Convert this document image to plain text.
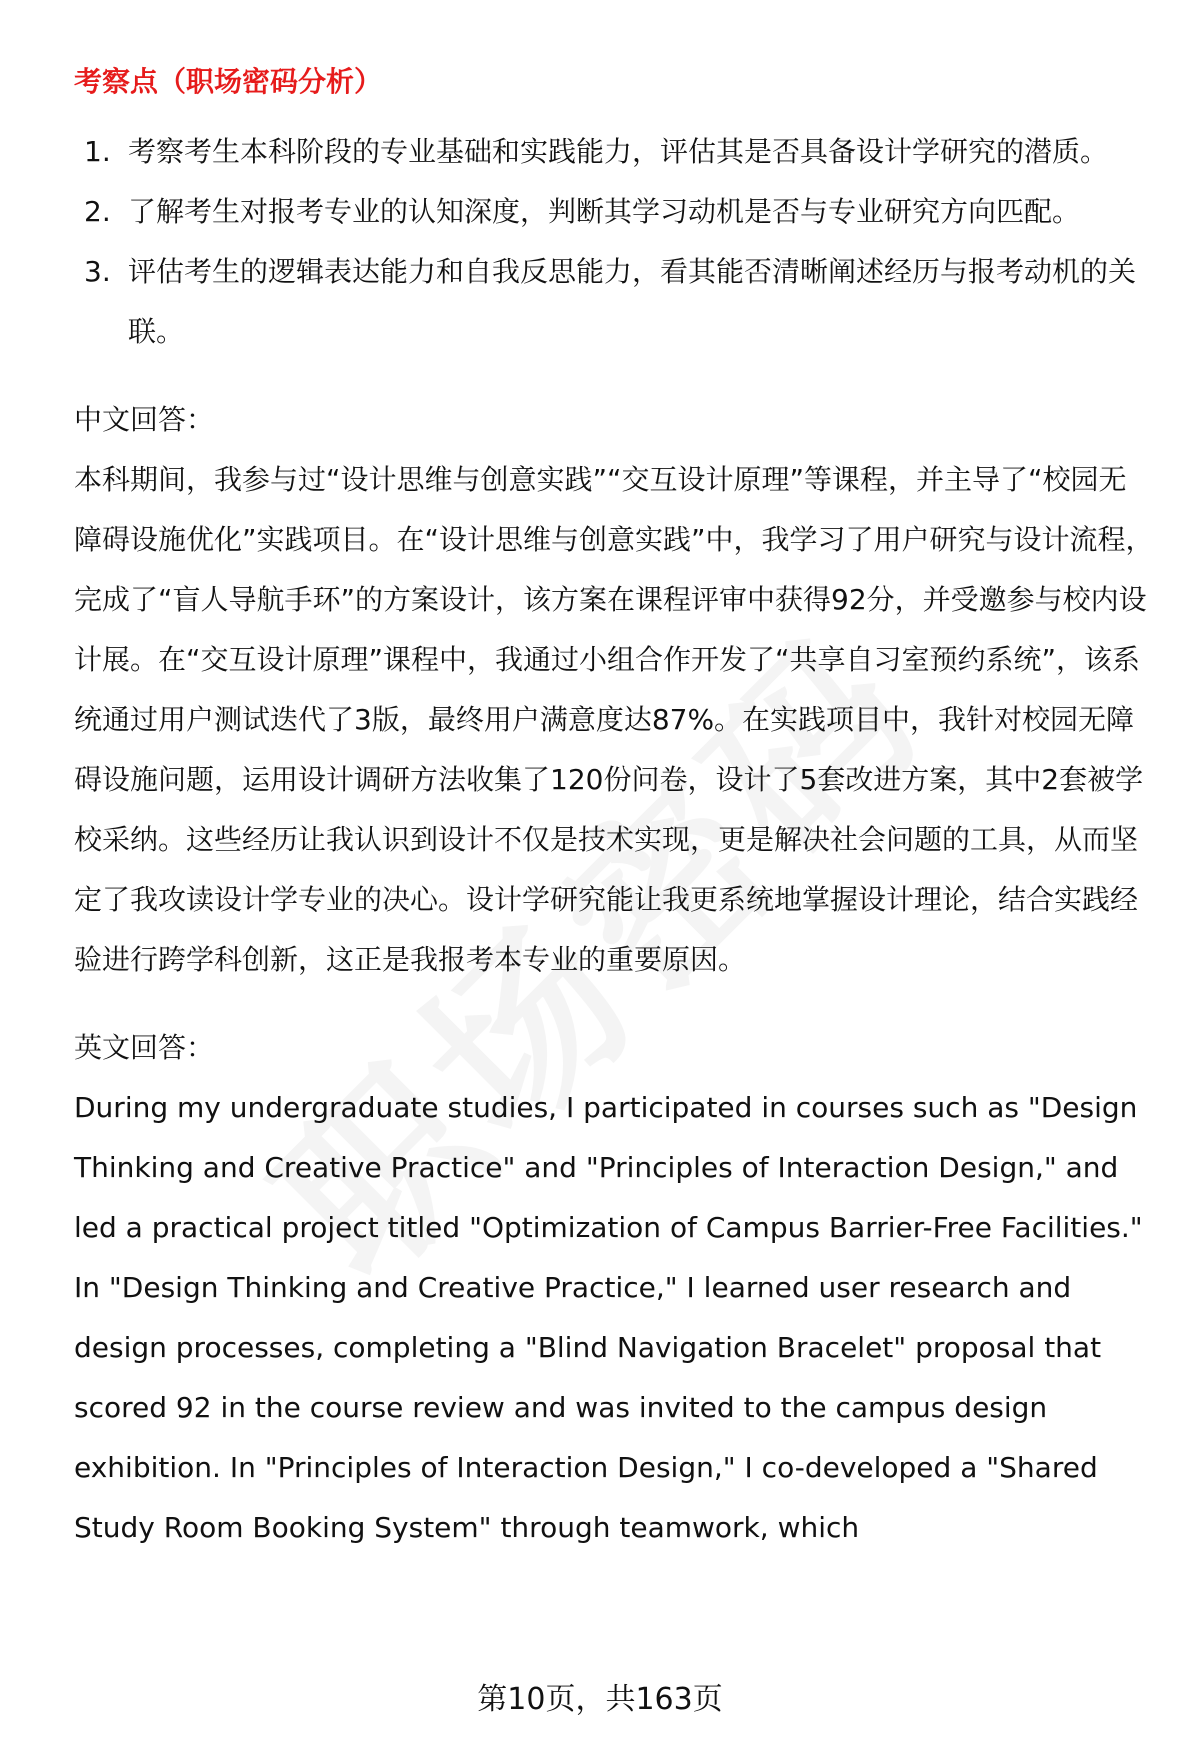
考察点（职场密码分析）
1. 考察考生本科阶段的专业基础和实践能力，评估其是否具备设计学研究的潜质。
2. 了解考生对报考专业的认知深度，判断其学习动机是否与专业研究方向匹配。
3. 评估考生的逻辑表达能力和自我反思能力，看其能否清晰阐述经历与报考动机的关联。

中文回答：

本科期间，我参与过“设计思维与创意实践”“交互设计原理”等课程，并主导了“校园无障碍设施优化”实践项目。在“设计思维与创意实践”中，我学习了用户研究与设计流程，完成了“盲人导航手环”的方案设计，该方案在课程评审中获得92分，并受邀参与校内设计展。在“交互设计原理”课程中，我通过小组合作开发了“共享自习室预约系统”，该系统通过用户测试迭代了3版，最终用户满意度达87%。在实践项目中，我针对校园无障碍设施问题，运用设计调研方法收集了120份问卷，设计了5套改进方案，其中2套被学校采纳。这些经历让我认识到设计不仅是技术实现，更是解决社会问题的工具，从而坚定了我攻读设计学专业的决心。设计学研究能让我更系统地掌握设计理论，结合实践经验进行跨学科创新，这正是我报考本专业的重要原因。

英文回答：

During my undergraduate studies, I participated in courses such as "Design Thinking and Creative Practice" and "Principles of Interaction Design," and led a practical project titled "Optimization of Campus Barrier-Free Facilities." In "Design Thinking and Creative Practice," I learned user research and design processes, completing a "Blind Navigation Bracelet" proposal that scored 92 in the course review and was invited to the campus design exhibition. In "Principles of Interaction Design," I co-developed a "Shared Study Room Booking System" through teamwork, which

第10页，共163页
